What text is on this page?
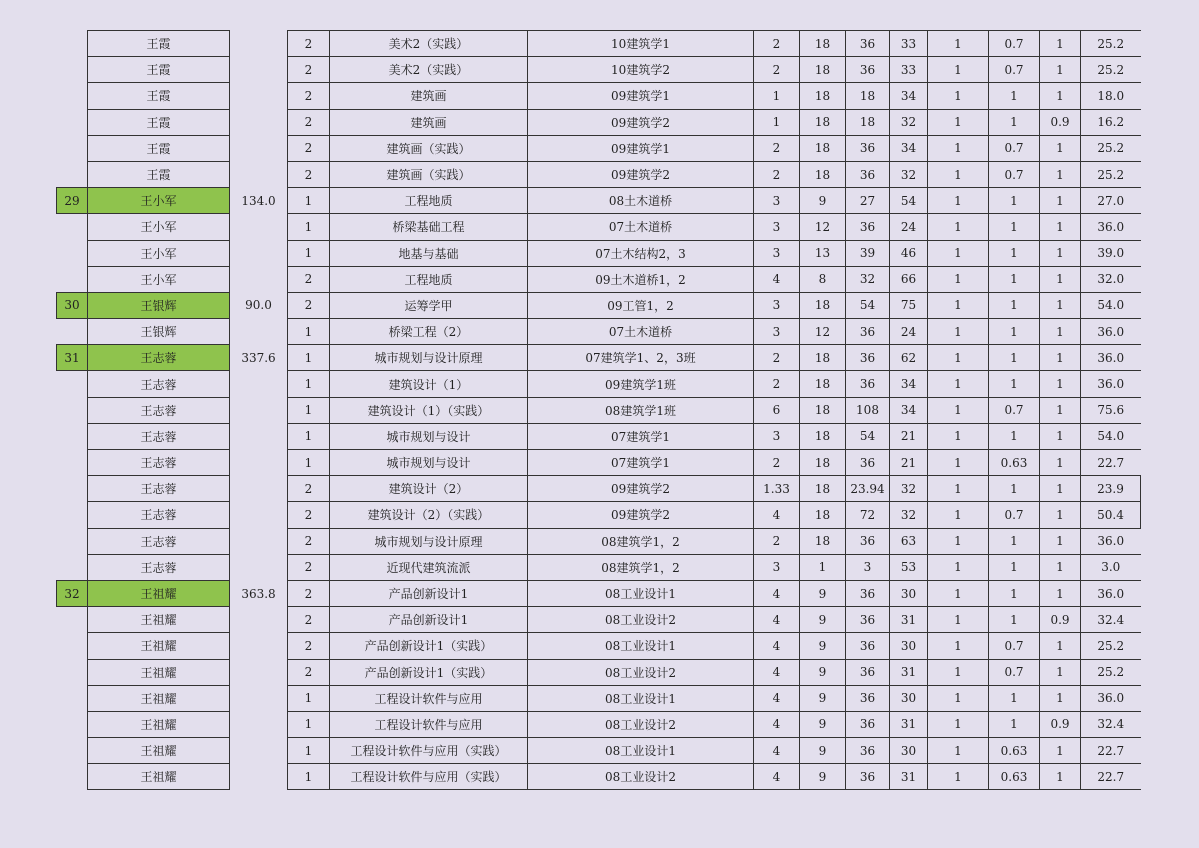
	王霞		2	美术2（实践）	10建筑学1	2	18	36	33	1	0.7	1	25.2
	王霞		2	美术2（实践）	10建筑学2	2	18	36	33	1	0.7	1	25.2
	王霞		2	建筑画	09建筑学1	1	18	18	34	1	1	1	18.0
	王霞		2	建筑画	09建筑学2	1	18	18	32	1	1	0.9	16.2
	王霞		2	建筑画（实践）	09建筑学1	2	18	36	34	1	0.7	1	25.2
	王霞		2	建筑画（实践）	09建筑学2	2	18	36	32	1	0.7	1	25.2
29	王小军	134.0	1	工程地质	08土木道桥	3	9	27	54	1	1	1	27.0
	王小军		1	桥梁基础工程	07土木道桥	3	12	36	24	1	1	1	36.0
	王小军		1	地基与基础	07土木结构2，3	3	13	39	46	1	1	1	39.0
	王小军		2	工程地质	09土木道桥1，2	4	8	32	66	1	1	1	32.0
30	王银辉	90.0	2	运筹学甲	09工管1，2	3	18	54	75	1	1	1	54.0
	王银辉		1	桥梁工程（2）	07土木道桥	3	12	36	24	1	1	1	36.0
31	王志蓉	337.6	1	城市规划与设计原理	07建筑学1、2，3班	2	18	36	62	1	1	1	36.0
	王志蓉		1	建筑设计（1）	09建筑学1班	2	18	36	34	1	1	1	36.0
	王志蓉		1	建筑设计（1）（实践）	08建筑学1班	6	18	108	34	1	0.7	1	75.6
	王志蓉		1	城市规划与设计	07建筑学1	3	18	54	21	1	1	1	54.0
	王志蓉		1	城市规划与设计	07建筑学1	2	18	36	21	1	0.63	1	22.7
	王志蓉		2	建筑设计（2）	09建筑学2	1.33	18	23.94	32	1	1	1	23.9
	王志蓉		2	建筑设计（2）（实践）	09建筑学2	4	18	72	32	1	0.7	1	50.4
	王志蓉		2	城市规划与设计原理	08建筑学1，2	2	18	36	63	1	1	1	36.0
	王志蓉		2	近现代建筑流派	08建筑学1，2	3	1	3	53	1	1	1	3.0
32	王祖耀	363.8	2	产品创新设计1	08工业设计1	4	9	36	30	1	1	1	36.0
	王祖耀		2	产品创新设计1	08工业设计2	4	9	36	31	1	1	0.9	32.4
	王祖耀		2	产品创新设计1（实践）	08工业设计1	4	9	36	30	1	0.7	1	25.2
	王祖耀		2	产品创新设计1（实践）	08工业设计2	4	9	36	31	1	0.7	1	25.2
	王祖耀		1	工程设计软件与应用	08工业设计1	4	9	36	30	1	1	1	36.0
	王祖耀		1	工程设计软件与应用	08工业设计2	4	9	36	31	1	1	0.9	32.4
	王祖耀		1	工程设计软件与应用（实践）	08工业设计1	4	9	36	30	1	0.63	1	22.7
	王祖耀		1	工程设计软件与应用（实践）	08工业设计2	4	9	36	31	1	0.63	1	22.7
